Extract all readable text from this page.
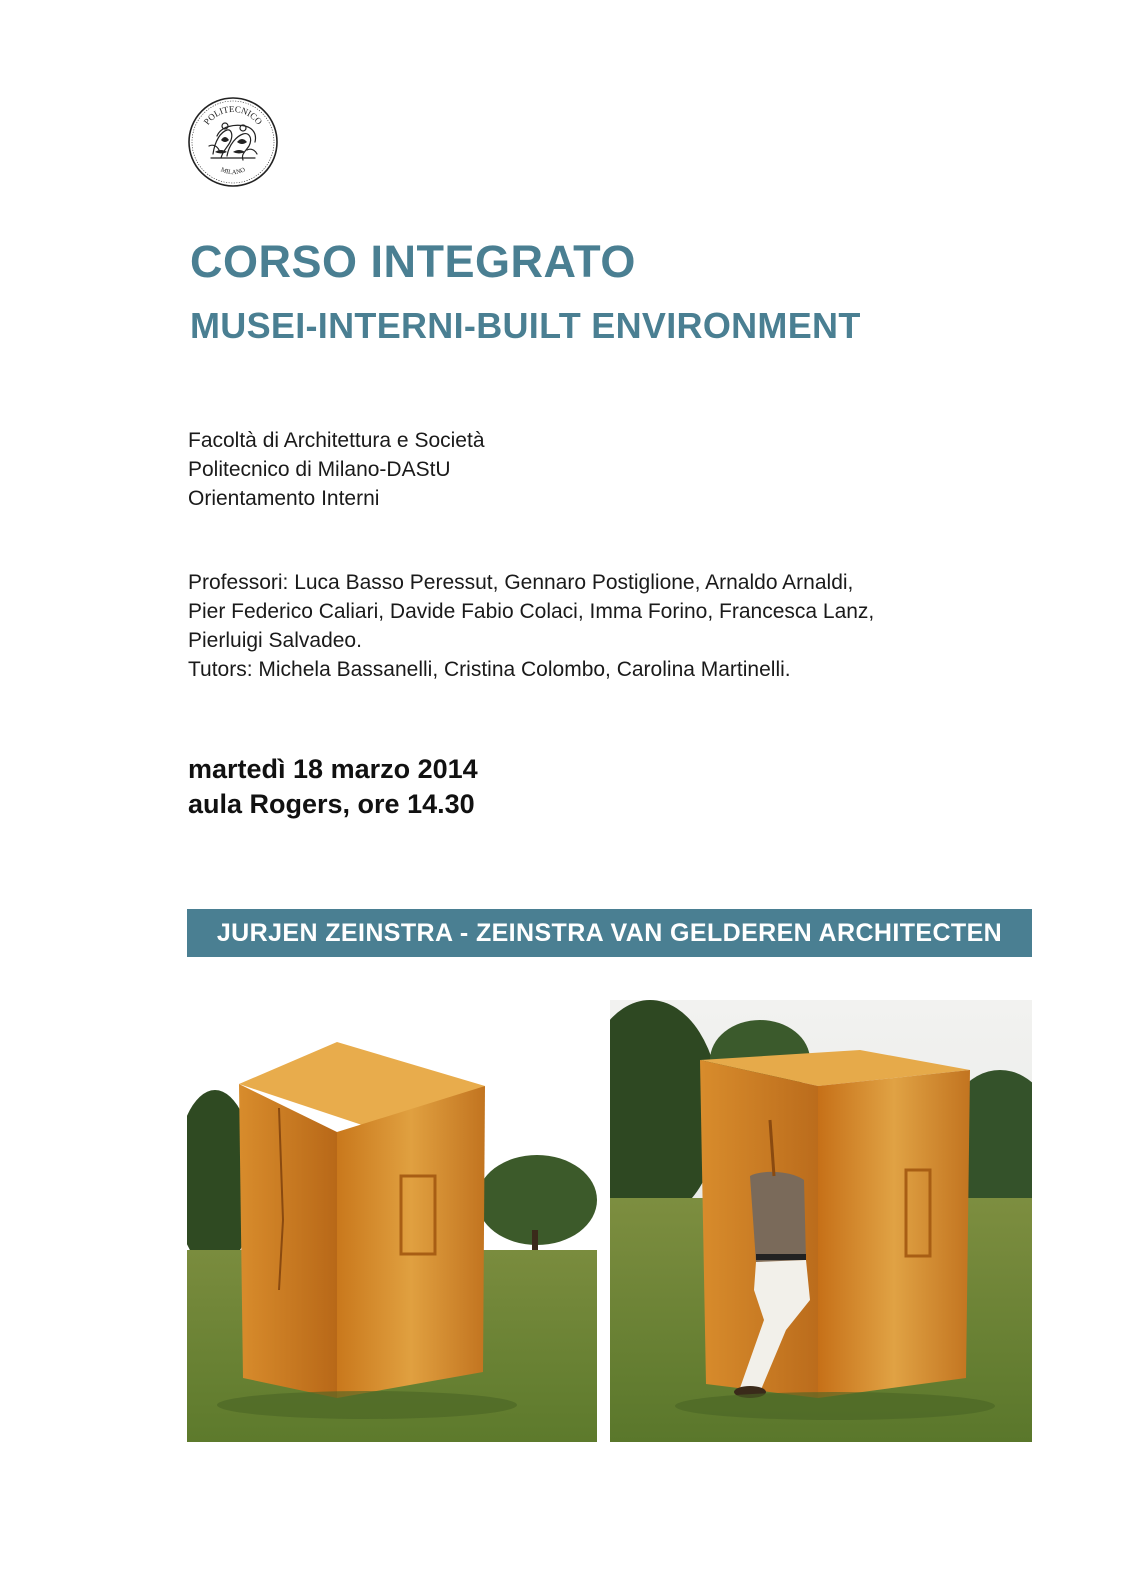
POLITECNICO
MILANO
CORSO INTEGRATO
MUSEI-INTERNI-BUILT ENVIRONMENT
Facoltà di Architettura e Società
Politecnico di Milano-DAStU
Orientamento Interni
Professori: Luca Basso Peressut, Gennaro Postiglione, Arnaldo Arnaldi,
Pier Federico Caliari, Davide Fabio Colaci, Imma Forino, Francesca Lanz,
Pierluigi Salvadeo.
Tutors: Michela Bassanelli, Cristina Colombo, Carolina Martinelli.
martedì 18 marzo 2014
aula Rogers, ore 14.30
JURJEN ZEINSTRA - ZEINSTRA VAN GELDEREN ARCHITECTEN
